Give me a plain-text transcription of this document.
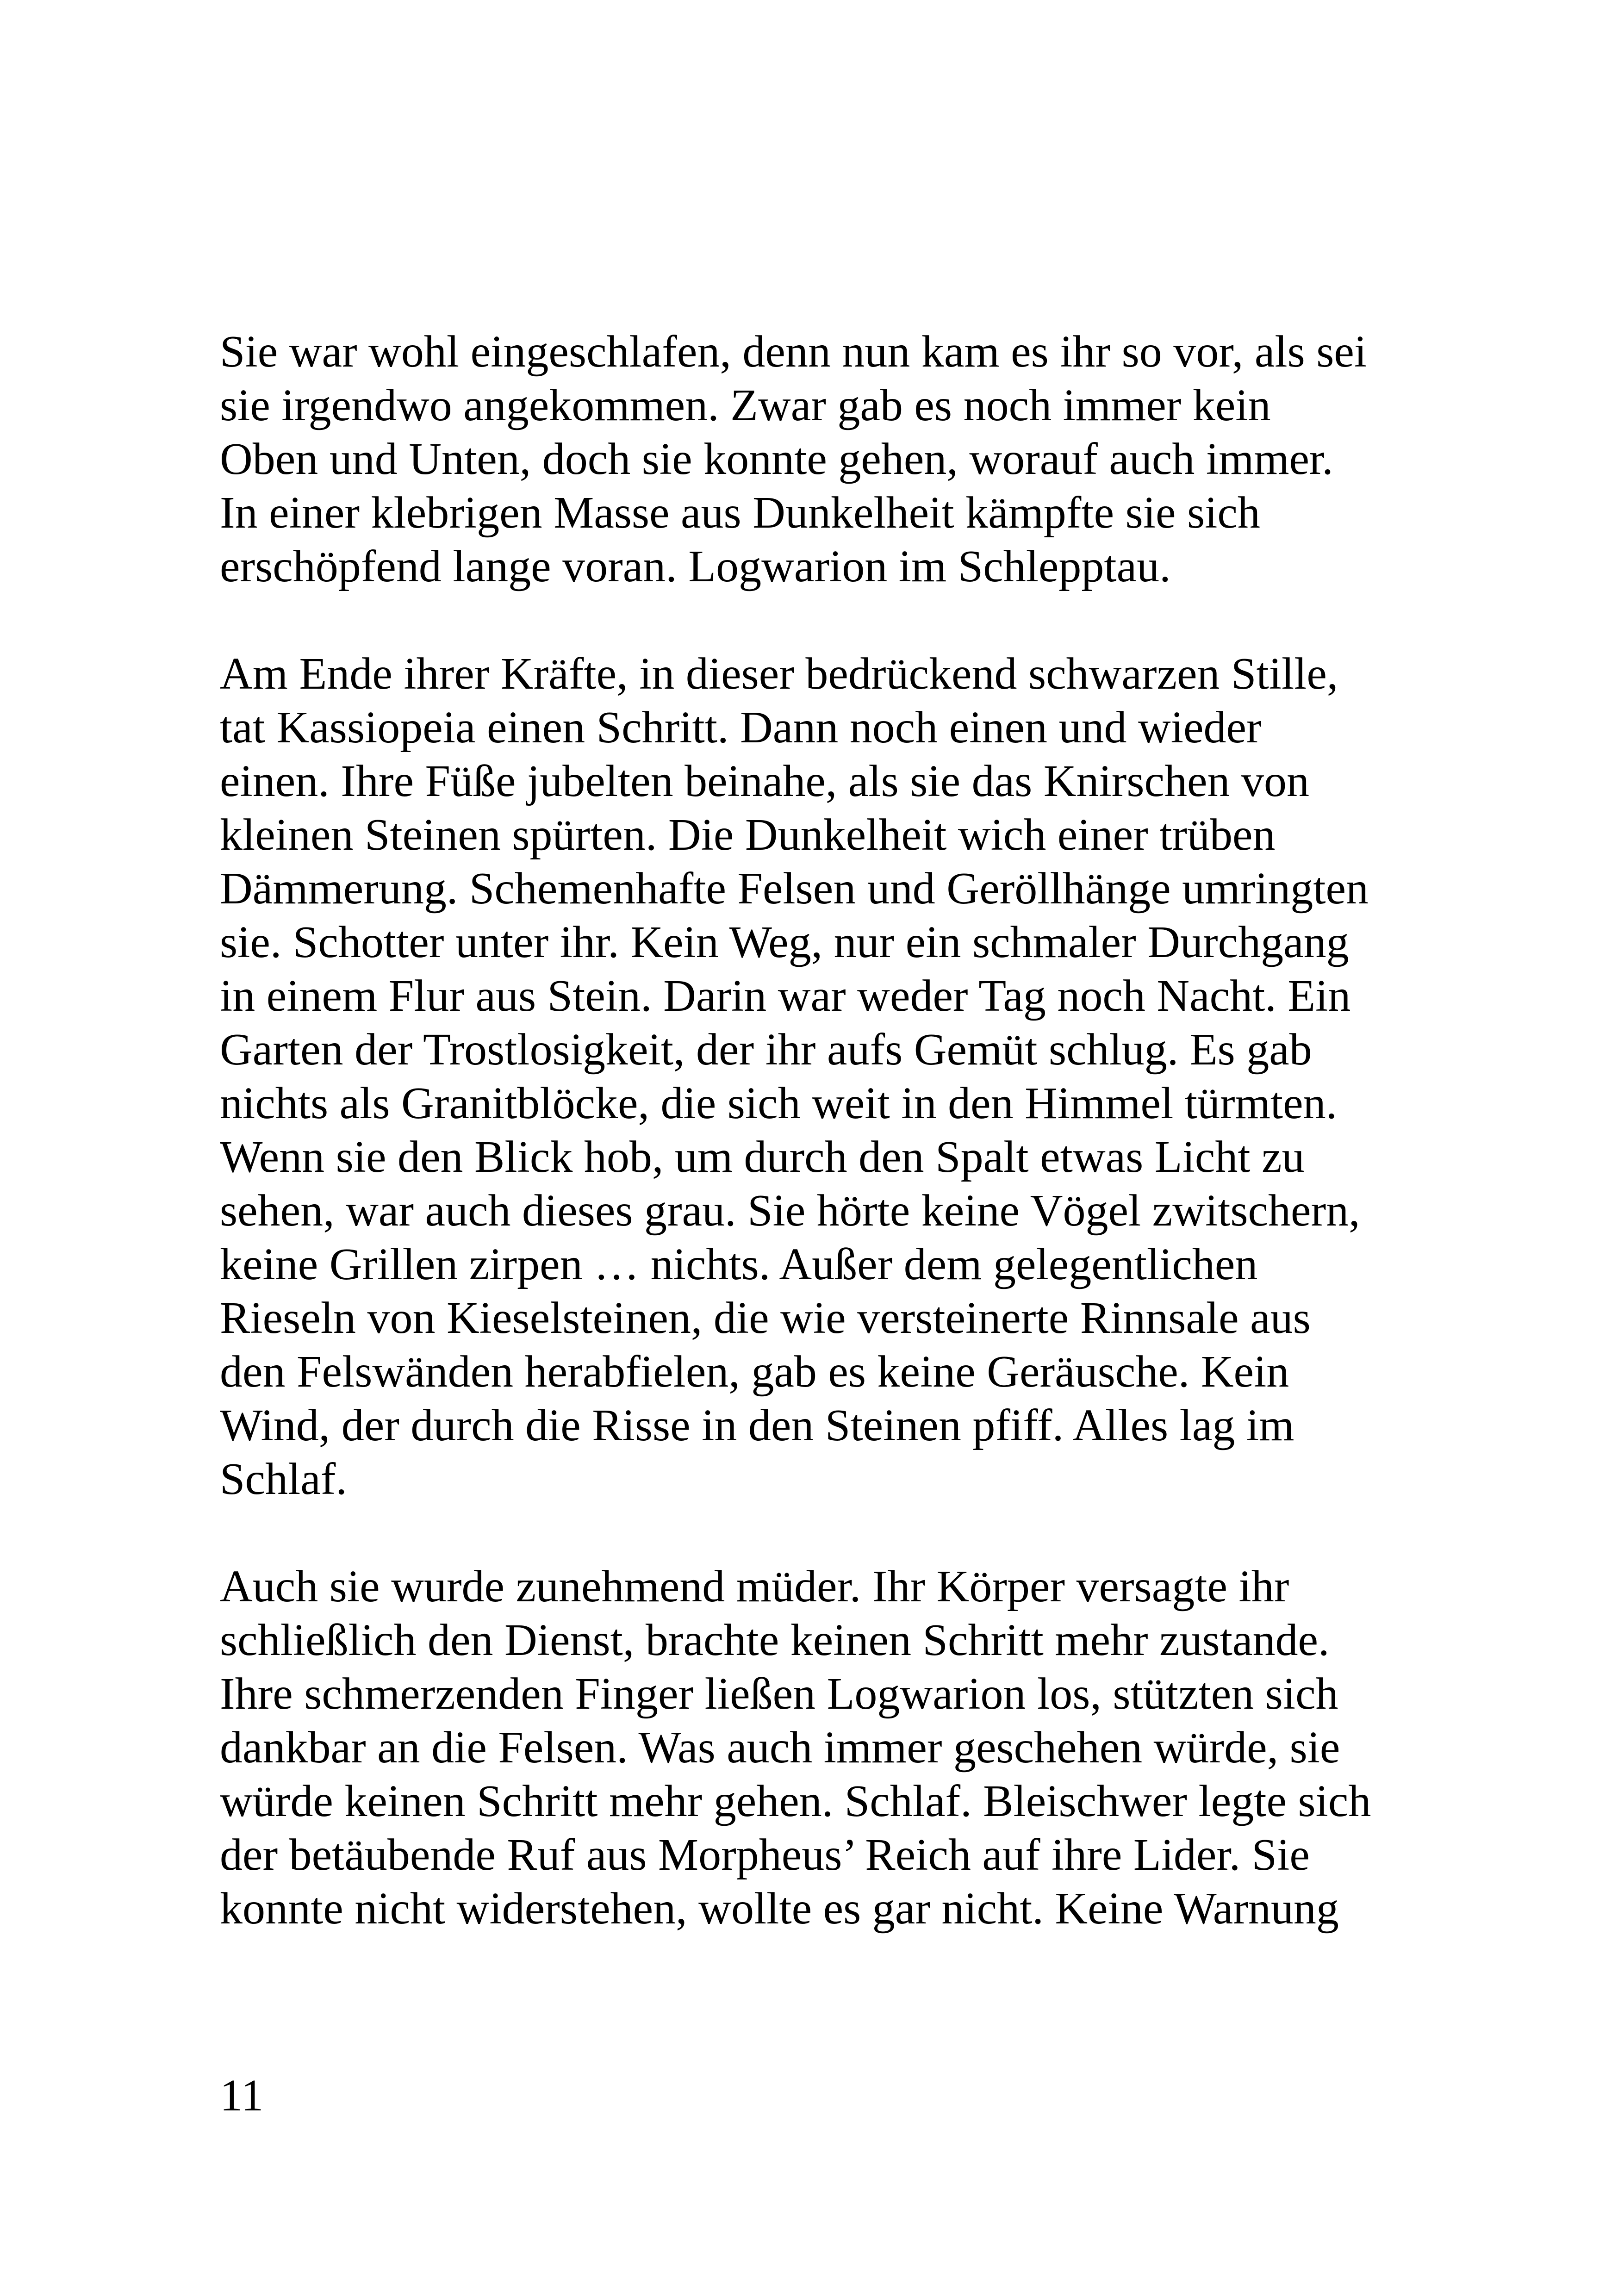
Sie war wohl eingeschlafen, denn nun kam es ihr so vor, als sei
sie irgendwo angekommen. Zwar gab es noch immer kein
Oben und Unten, doch sie konnte gehen, worauf auch immer.
In einer klebrigen Masse aus Dunkelheit kämpfte sie sich
erschöpfend lange voran. Logwarion im Schlepptau.

Am Ende ihrer Kräfte, in dieser bedrückend schwarzen Stille,
tat Kassiopeia einen Schritt. Dann noch einen und wieder
einen. Ihre Füße jubelten beinahe, als sie das Knirschen von
kleinen Steinen spürten. Die Dunkelheit wich einer trüben
Dämmerung. Schemenhafte Felsen und Geröllhänge umringten
sie. Schotter unter ihr. Kein Weg, nur ein schmaler Durchgang
in einem Flur aus Stein. Darin war weder Tag noch Nacht. Ein
Garten der Trostlosigkeit, der ihr aufs Gemüt schlug. Es gab
nichts als Granitblöcke, die sich weit in den Himmel türmten.
Wenn sie den Blick hob, um durch den Spalt etwas Licht zu
sehen, war auch dieses grau. Sie hörte keine Vögel zwitschern,
keine Grillen zirpen … nichts. Außer dem gelegentlichen
Rieseln von Kieselsteinen, die wie versteinerte Rinnsale aus
den Felswänden herabfielen, gab es keine Geräusche. Kein
Wind, der durch die Risse in den Steinen pfiff. Alles lag im
Schlaf.

Auch sie wurde zunehmend müder. Ihr Körper versagte ihr
schließlich den Dienst, brachte keinen Schritt mehr zustande.
Ihre schmerzenden Finger ließen Logwarion los, stützten sich
dankbar an die Felsen. Was auch immer geschehen würde, sie
würde keinen Schritt mehr gehen. Schlaf. Bleischwer legte sich
der betäubende Ruf aus Morpheus’ Reich auf ihre Lider. Sie
konnte nicht widerstehen, wollte es gar nicht. Keine Warnung

11
